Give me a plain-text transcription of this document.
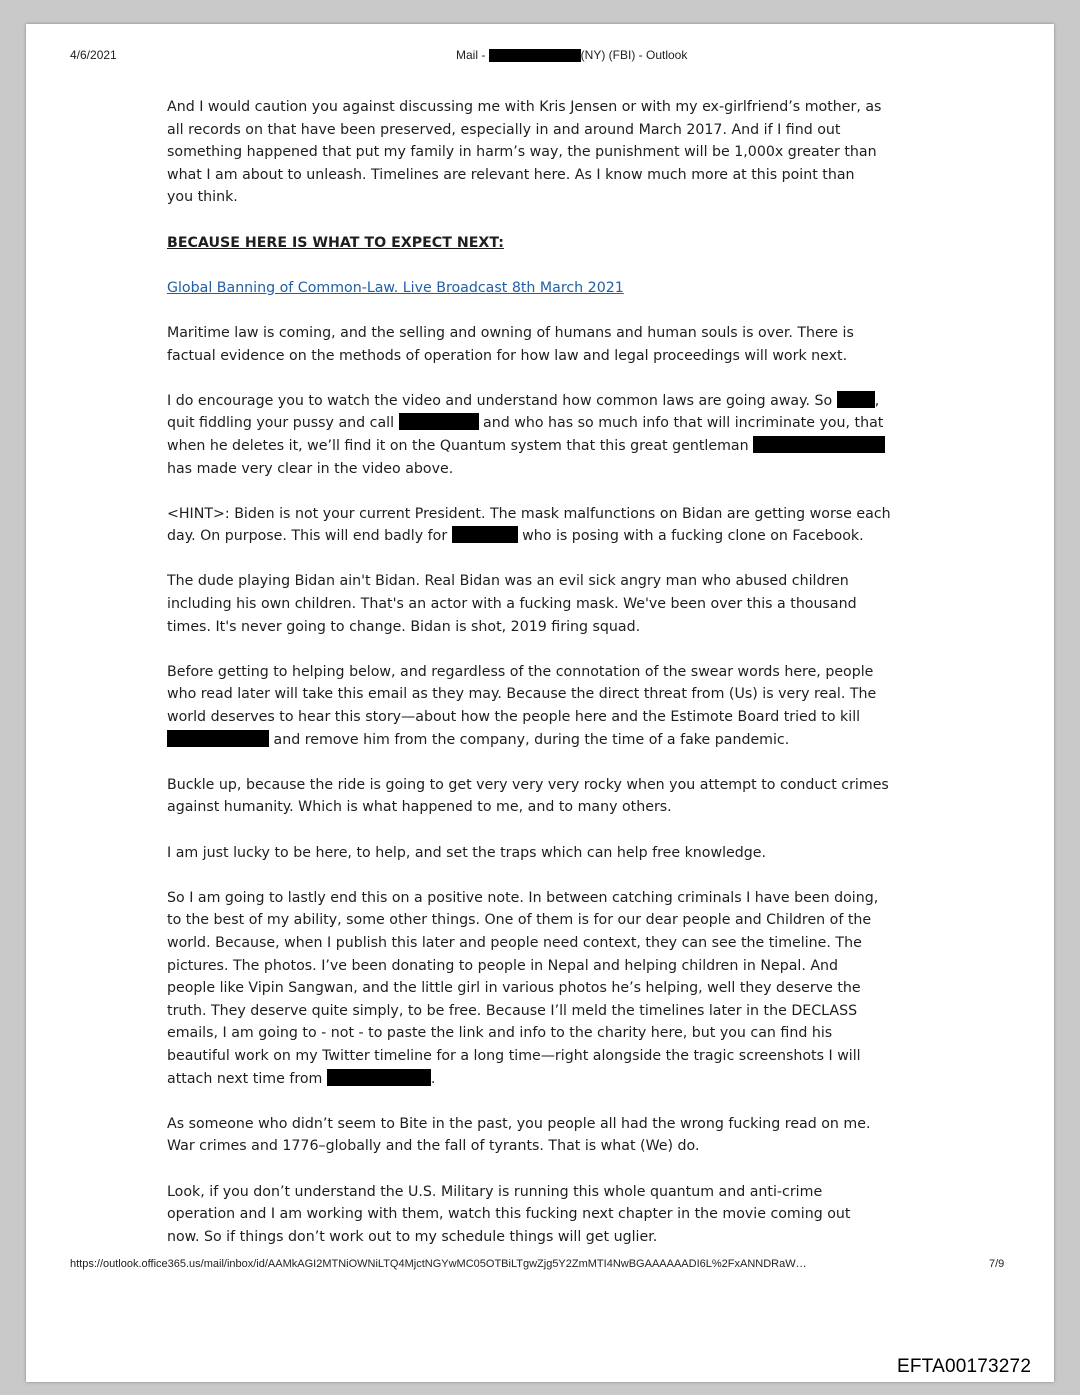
4/6/2021	Mail -	(NY) (FBI) - Outlook

And I would caution you against discussing me with Kris Jensen or with my ex-girlfriend’s mother, as

all records on that have been preserved, especially in and around March 2017. And if I find out

something happened that put my family in harm’s way, the punishment will be 1,000x greater than

what I am about to unleash. Timelines are relevant here. As I know much more at this point than

you think.

BECAUSE HERE IS WHAT TO EXPECT NEXT:

Global Banning of Common-Law. Live Broadcast 8th March 2021

Maritime law is coming, and the selling and owning of humans and human souls is over. There is

factual evidence on the methods of operation for how law and legal proceedings will work next.

I do encourage you to watch the video and understand how common laws are going away. So	,

quit fiddling your pussy and call	and who has so much info that will incriminate you, that

when he deletes it, we’ll find it on the Quantum system that this great gentleman

has made very clear in the video above.

<HINT>: Biden is not your current President. The mask malfunctions on Bidan are getting worse each

day. On purpose. This will end badly for	who is posing with a fucking clone on Facebook.

The dude playing Bidan ain't Bidan. Real Bidan was an evil sick angry man who abused children

including his own children. That's an actor with a fucking mask. We've been over this a thousand

times. It's never going to change. Bidan is shot, 2019 firing squad.

Before getting to helping below, and regardless of the connotation of the swear words here, people

who read later will take this email as they may. Because the direct threat from (Us) is very real. The

world deserves to hear this story—about how the people here and the Estimote Board tried to kill

and remove him from the company, during the time of a fake pandemic.

Buckle up, because the ride is going to get very very very rocky when you attempt to conduct crimes

against humanity. Which is what happened to me, and to many others.

I am just lucky to be here, to help, and set the traps which can help free knowledge.

So I am going to lastly end this on a positive note. In between catching criminals I have been doing,

to the best of my ability, some other things. One of them is for our dear people and Children of the

world. Because, when I publish this later and people need context, they can see the timeline. The

pictures. The photos. I’ve been donating to people in Nepal and helping children in Nepal. And

people like Vipin Sangwan, and the little girl in various photos he’s helping, well they deserve the

truth. They deserve quite simply, to be free. Because I’ll meld the timelines later in the DECLASS

emails, I am going to - not - to paste the link and info to the charity here, but you can find his

beautiful work on my Twitter timeline for a long time—right alongside the tragic screenshots I will

attach next time from	.

As someone who didn’t seem to Bite in the past, you people all had the wrong fucking read on me.

War crimes and 1776–globally and the fall of tyrants. That is what (We) do.

Look, if you don’t understand the U.S. Military is running this whole quantum and anti-crime

operation and I am working with them, watch this fucking next chapter in the movie coming out

now. So if things don’t work out to my schedule things will get uglier.

https://outlook.office365.us/mail/inbox/id/AAMkAGI2MTNiOWNiLTQ4MjctNGYwMC05OTBiLTgwZjg5Y2ZmMTI4NwBGAAAAAADI6L%2FxANNDRaW…	7/9
EFTA00173272
